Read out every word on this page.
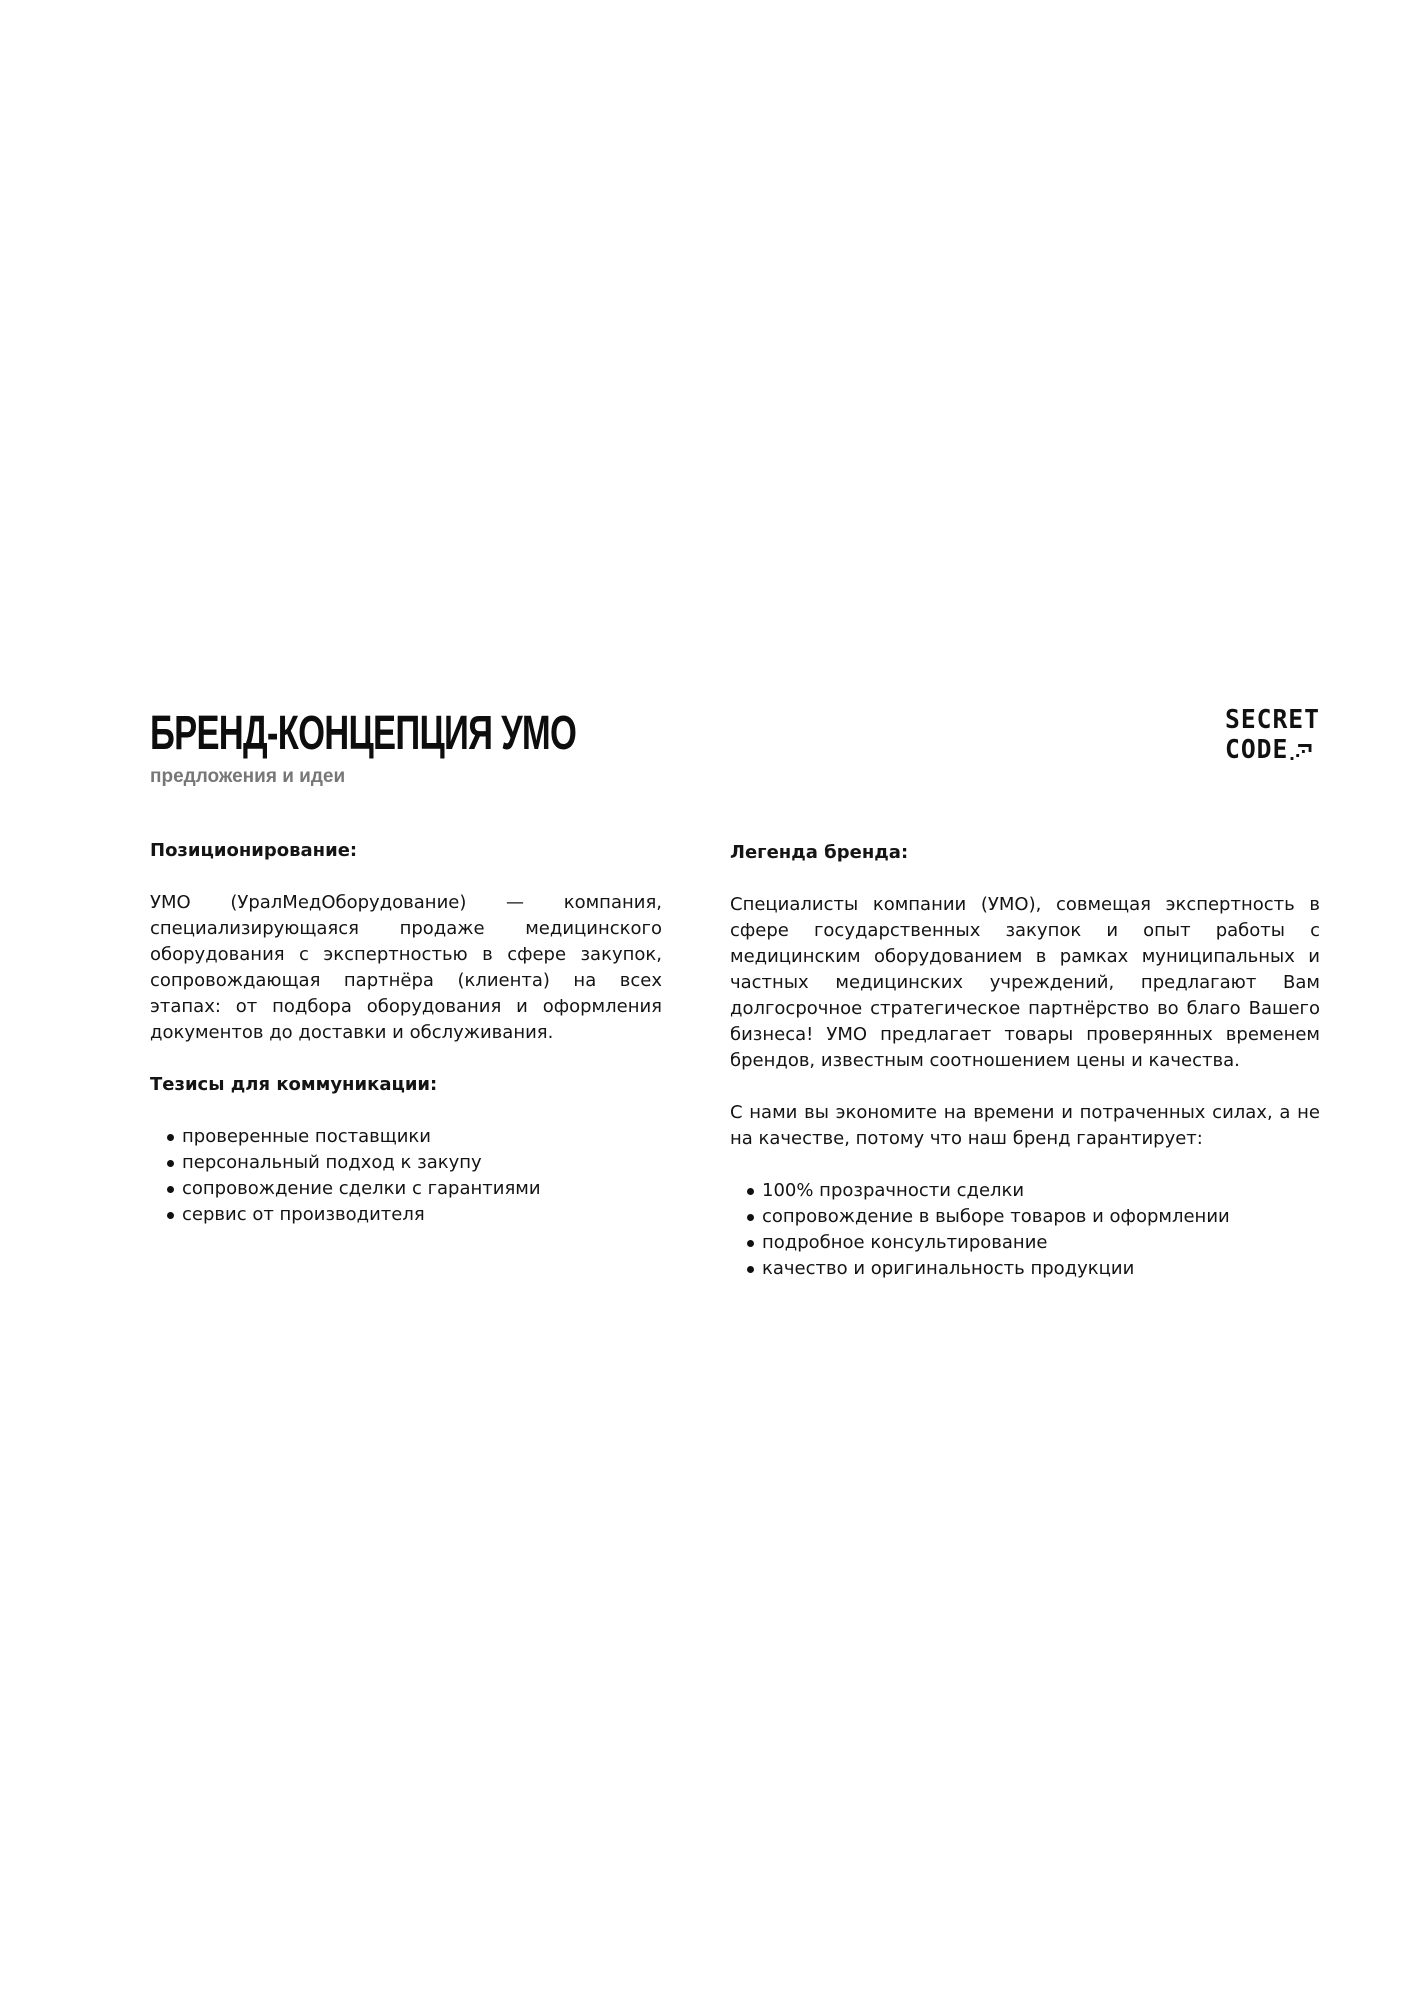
БРЕНД-КОНЦЕПЦИЯ УМО

предложения и идеи

SECRET
CODE

Позиционирование:

УМО (УралМедОборудование) — компания, специализирующаяся продаже медицинского оборудования с экспертностью в сфере закупок, сопровождающая партнёра (клиента) на всех этапах: от подбора оборудования и оформления документов до доставки и обслуживания.

Тезисы для коммуникации:

проверенные поставщики
персональный подход к закупу
сопровождение сделки с гарантиями
сервис от производителя

Легенда бренда:

Специалисты компании (УМО), совмещая экспертность в сфере государственных закупок и опыт работы с медицинским оборудованием в рамках муниципальных и частных медицинских учреждений, предлагают Вам долгосрочное стратегическое партнёрство во благо Вашего бизнеса! УМО предлагает товары проверянных временем брендов, известным соотношением цены и качества.

С нами вы экономите на времени и потраченных силах, а не на качестве, потому что наш бренд гарантирует:

100% прозрачности сделки
сопровождение в выборе товаров и оформлении
подробное консультирование
качество и оригинальность продукции
